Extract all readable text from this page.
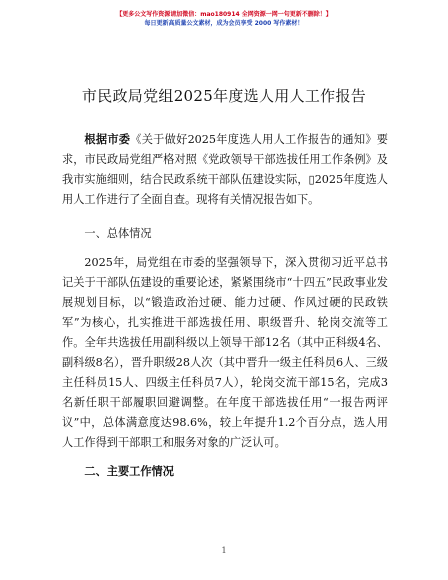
【更多公文写作资源请加微信：mao180914 全网资源一网一句更新不删除！】
每日更新高质量公文素材，成为会员享受 2000 写作素材！
市民政局党组2025年度选人用人工作报告

根据市委《关于做好2025年度选人用人工作报告的通知》要求，市民政局党组严格对照《党政领导干部选拔任用工作条例》及我市实施细则，结合民政系统干部队伍建设实际，▯2025年度选人用人工作进行了全面自查。现将有关情况报告如下。

一、总体情况

2025年，局党组在市委的坚强领导下，深入贯彻习近平总书记关于干部队伍建设的重要论述，紧紧围绕市“十四五”民政事业发展规划目标，以“锻造政治过硬、能力过硬、作风过硬的民政铁军”为核心，扎实推进干部选拔任用、职级晋升、轮岗交流等工作。全年共选拔任用副科级以上领导干部12名（其中正科级4名、副科级8名），晋升职级28人次（其中晋升一级主任科员6人、三级主任科员15人、四级主任科员7人），轮岗交流干部15名，完成3名新任职干部履职回避调整。在年度干部选拔任用“一报告两评议”中，总体满意度达98.6%，较上年提升1.2个百分点，选人用人工作得到干部职工和服务对象的广泛认可。

二、主要工作情况

1
